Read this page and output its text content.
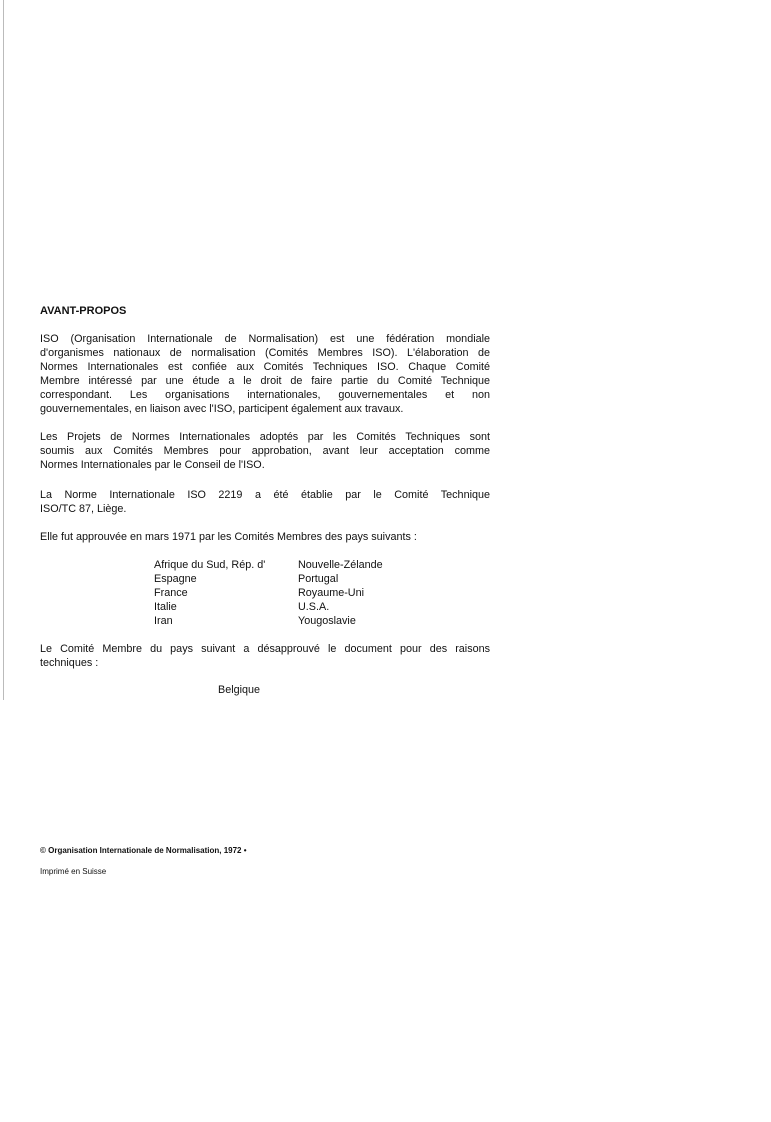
AVANT-PROPOS
ISO (Organisation Internationale de Normalisation) est une fédération mondiale
d'organismes nationaux de normalisation (Comités Membres ISO). L'élaboration de
Normes Internationales est confiée aux Comités Techniques ISO. Chaque Comité
Membre intéressé par une étude a le droit de faire partie du Comité Technique
correspondant. Les organisations internationales, gouvernementales et non
gouvernementales, en liaison avec l'ISO, participent également aux travaux.
Les Projets de Normes Internationales adoptés par les Comités Techniques sont
soumis aux Comités Membres pour approbation, avant leur acceptation comme
Normes Internationales par le Conseil de l'ISO.
La Norme Internationale ISO 2219 a été établie par le Comité Technique
ISO/TC 87, Liège.
Elle fut approuvée en mars 1971 par les Comités Membres des pays suivants :
Afrique du Sud, Rép. d'
Espagne
France
Italie
Iran
Nouvelle-Zélande
Portugal
Royaume-Uni
U.S.A.
Yougoslavie
Le Comité Membre du pays suivant a désapprouvé le document pour des raisons
techniques :
Belgique
© Organisation Internationale de Normalisation, 1972 •
Imprimé en Suisse
